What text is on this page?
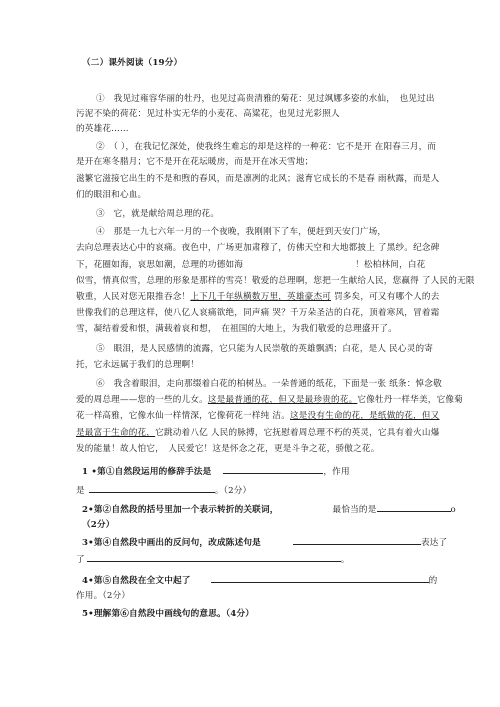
（二）课外阅读（19分）
①　我见过雍容华丽的牡丹，也见过高贵清雅的菊花：见过飒娜多姿的水仙，　也见过出
污泥不染的荷花：见过朴实无华的小麦花、高粱花，也见过光彩照人
的英雄花……
②　（ ），在我记忆深处，使我终生难忘的却是这样的一种花：它不是开 在阳春三月，而
是开在寒冬腊月；它不是开在花坛暖房，而是开在冰天雪地；
滋繁它滋接它出生的不是和煦的春风，而是凛冽的北风；滋育它成长的不是春 雨秋露，而是人
们的眼泪和心血。
③　它，就是献给周总理的花。
④　那是一九七六年一月的一个夜晚，我刚刚下了车，便赶到天安门广场，
去向总理表达心中的哀痛。夜色中，广场更加肃穆了，仿佛天空和大地都披上 了黑纱。纪念碑
下，花圈如海，哀思如潮，总理的功德如海	！松柏林间，白花
似雪，情真似雪，总理的形象是那样的雪亮！敬爱的总理啊，您把一生献给人民，您赢得 了人民的无限
敬重，人民对您无限推吞念！上下几千年纵横数万里，英雄豪杰可 罚多矣，可又有哪个人的去
世像我们的总理这样，使八亿人哀痛欲绝，同声痛 哭？千万朵圣洁的白花，顶着寒风，冒着霜
雪，凝结着爱和恨，满载着哀和想，　在祖国的大地上，为我们敬爱的总理盛开了。
⑤　眼泪，是人民感情的流露，它只能为人民崇敬的英雄飘洒；白花，是人 民心灵的寄
托，它永远属于我们的总理啊！
⑥　我含着眼泪，走向那缀着白花的柏树丛。一朵普通的纸花，下面是一张 纸条：悼念敬
爱的周总理——您的一些的儿女。这是最普通的花，但又是最珍贵的花。它像牡丹一样华美，它像菊
花一样高雅，它像水仙一样情深，它像荷花一样纯 洁。这是没有生命的花，是纸做的花，但又
是最富于生命的花，它跳动着八亿 人民的脉搏，它抚慰着周总理不朽的英灵，它具有着火山爆
发的能量！故人怕它，　人民爱它！这是怀念之花，更是斗争之花，骄傲之花。
1 •第①自然段运用的修辞手法是	，作用
是	。（2分）
2•第②自然段的括号里加一个表示转折的关联词，	最恰当的是	o
（2分）
3•第④自然段中画出的反问句，改成陈述句是	表达了
了	。
4•第⑤自然段在全文中起了	的
作用。（2分）
5•理解第⑥自然段中画线句的意思。（4分）
